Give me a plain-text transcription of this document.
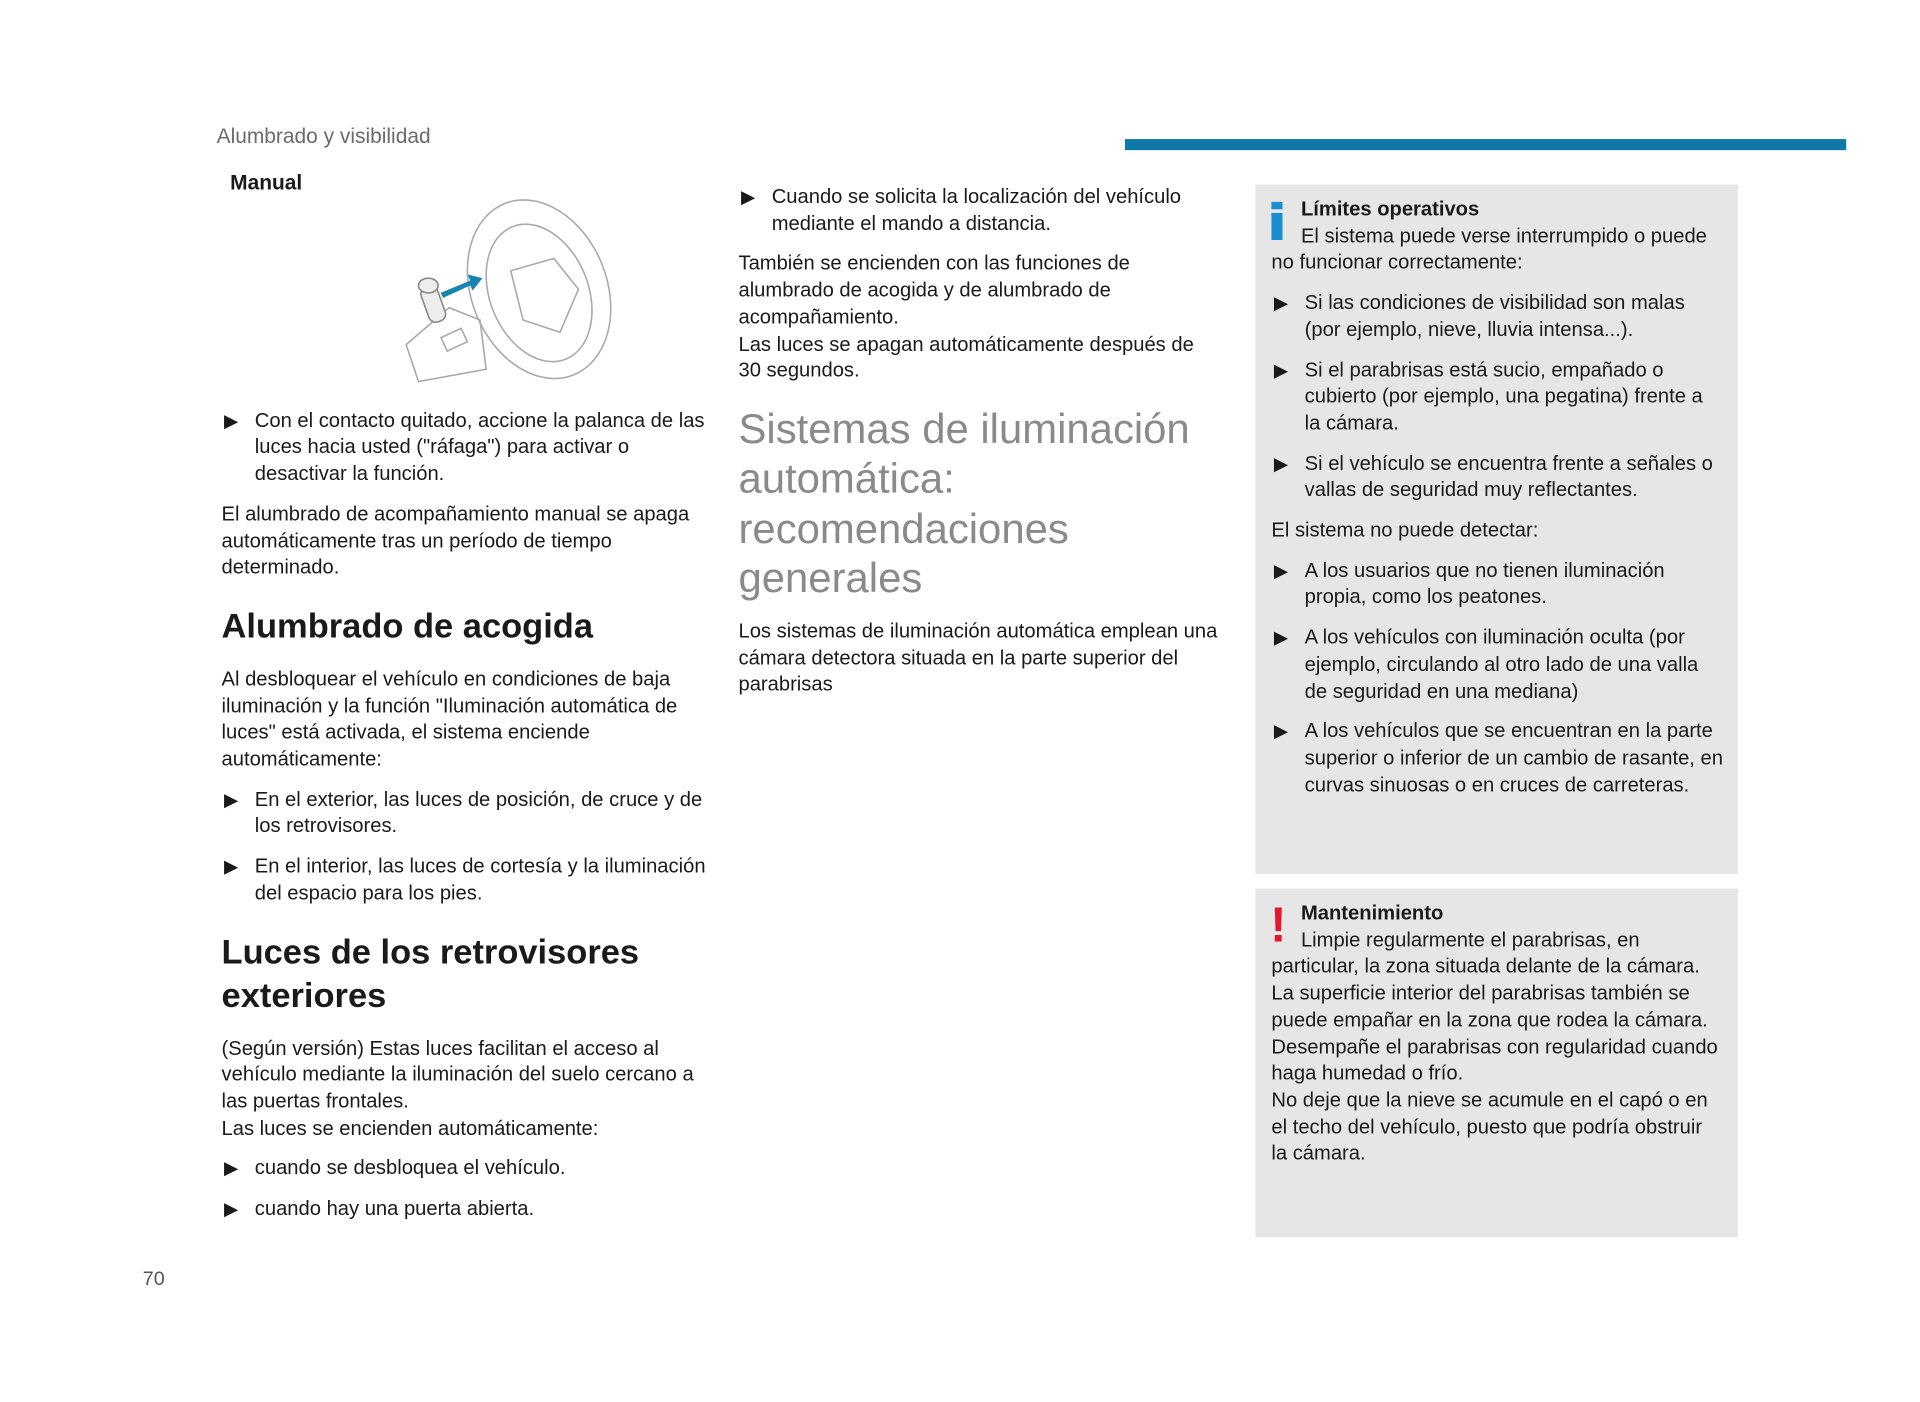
Alumbrado y visibilidad
Manual
▶ Con el contacto quitado, accione la palanca de las luces hacia usted ("ráfaga") para activar o desactivar la función.

El alumbrado de acompañamiento manual se apaga automáticamente tras un período de tiempo determinado.

Alumbrado de acogida

Al desbloquear el vehículo en condiciones de baja iluminación y la función "Iluminación automática de luces" está activada, el sistema enciende automáticamente:

▶ En el exterior, las luces de posición, de cruce y de los retrovisores.
▶ En el interior, las luces de cortesía y la iluminación del espacio para los pies.
Luces de los retrovisores exteriores

(Según versión) Estas luces facilitan el acceso al vehículo mediante la iluminación del suelo cercano a las puertas frontales.

Las luces se encienden automáticamente:

▶ cuando se desbloquea el vehículo.
▶ cuando hay una puerta abierta.
▶ Cuando se solicita la localización del vehículo mediante el mando a distancia.

También se encienden con las funciones de alumbrado de acogida y de alumbrado de acompañamiento.

Las luces se apagan automáticamente después de 30 segundos.

Sistemas de iluminación automática: recomendaciones generales

Los sistemas de iluminación automática emplean una cámara detectora situada en la parte superior del parabrisas

Límites operativos

El sistema puede verse interrumpido o puede no funcionar correctamente:

▶ Si las condiciones de visibilidad son malas (por ejemplo, nieve, lluvia intensa...).
▶ Si el parabrisas está sucio, empañado o cubierto (por ejemplo, una pegatina) frente a la cámara.
▶ Si el vehículo se encuentra frente a señales o vallas de seguridad muy reflectantes.

El sistema no puede detectar:

▶ A los usuarios que no tienen iluminación propia, como los peatones.
▶ A los vehículos con iluminación oculta (por ejemplo, circulando al otro lado de una valla de seguridad en una mediana)
▶ A los vehículos que se encuentran en la parte superior o inferior de un cambio de rasante, en curvas sinuosas o en cruces de carreteras.
! Mantenimiento
Limpie regularmente el parabrisas, en particular, la zona situada delante de la cámara.
La superficie interior del parabrisas también se puede empañar en la zona que rodea la cámara.
Desempañe el parabrisas con regularidad cuando haga humedad o frío.
No deje que la nieve se acumule en el capó o en el techo del vehículo, puesto que podría obstruir la cámara.
70
